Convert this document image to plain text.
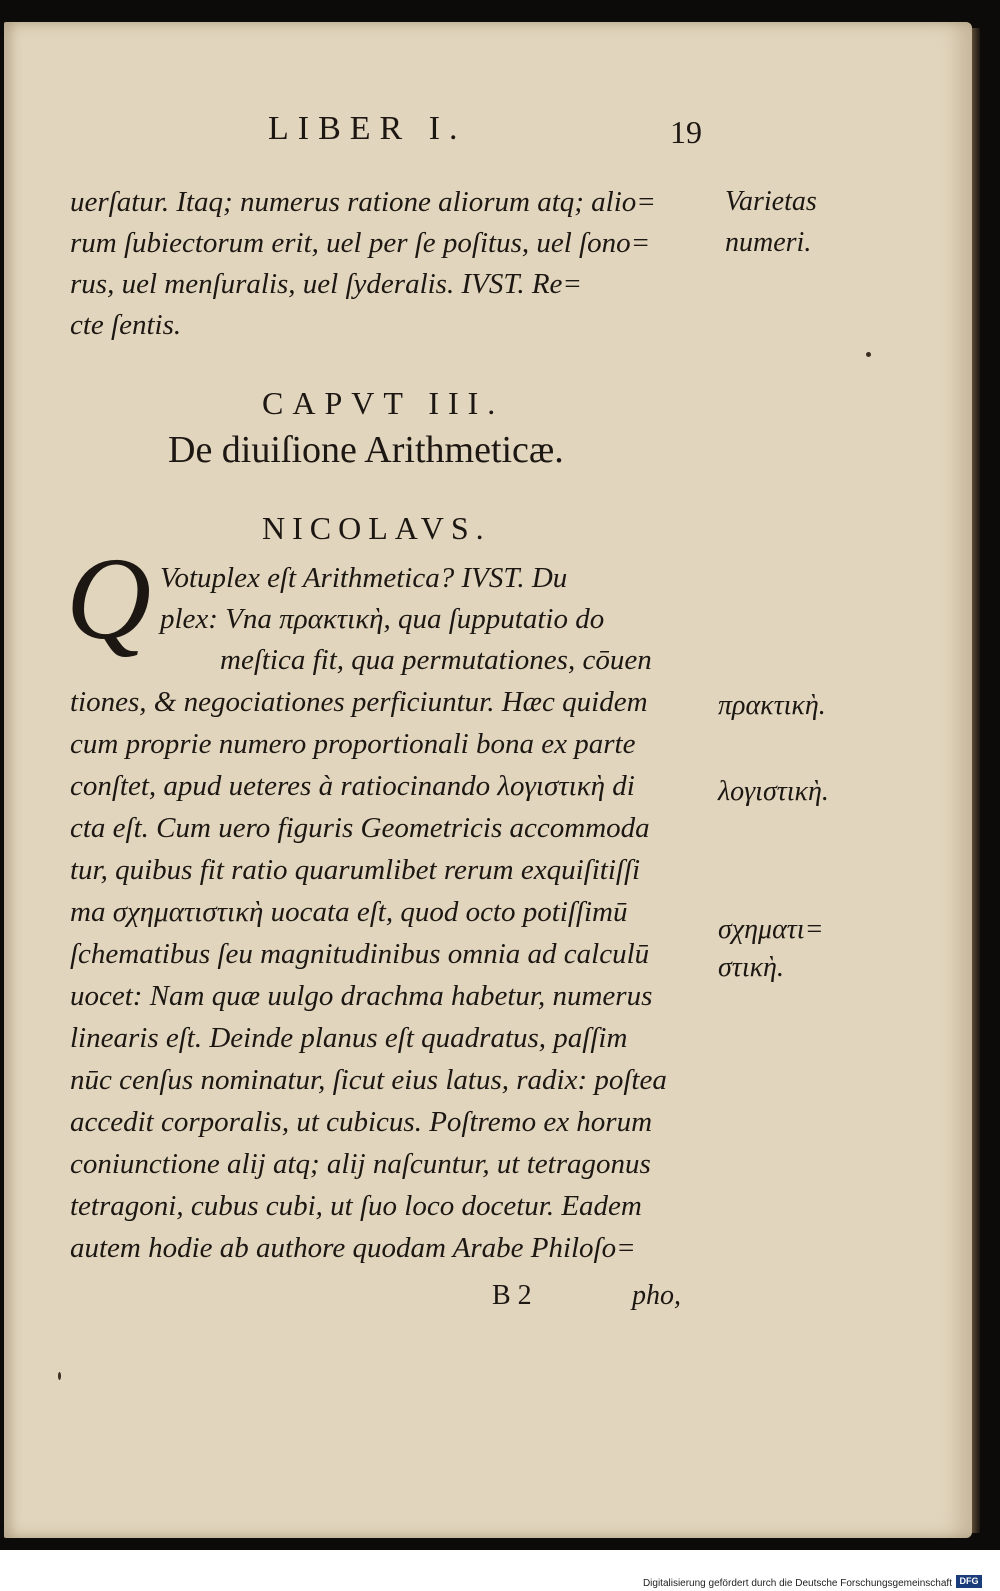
LIBER I.	19
uerſatur. Itaq; numerus ratione aliorum atq; alio=
rum ſubiectorum erit, uel per ſe poſitus, uel ſono=
rus, uel menſuralis, uel ſyderalis. IVST. Re=
cte ſentis.
Varietas
numeri.
CAPVT III.
De diuiſione Arithmeticæ.
NICOLAVS.
Q Votuplex eſt Arithmetica? IVST. Du
plex: Vna πρακτικὴ, qua ſupputatio do
meſtica fit, qua permutationes, cōuen
tiones, & negociationes perficiuntur. Hæc quidem
cum proprie numero proportionali bona ex parte
conſtet, apud ueteres à ratiocinando λογιστικὴ di
cta eſt. Cum uero figuris Geometricis accommoda
tur, quibus fit ratio quarumlibet rerum exquiſitiſſi
ma σχηματιστικὴ uocata eſt, quod octo potiſſimū
ſchematibus ſeu magnitudinibus omnia ad calculū
uocet: Nam quæ uulgo drachma habetur, numerus
linearis eſt. Deinde planus eſt quadratus, paſſim
nūc cenſus nominatur, ſicut eius latus, radix: poſtea
accedit corporalis, ut cubicus. Poſtremo ex horum
coniunctione alij atq; alij naſcuntur, ut tetragonus
tetragoni, cubus cubi, ut ſuo loco docetur. Eadem
autem hodie ab authore quodam Arabe Philoſo=
πρακτικὴ.
λογιστικὴ.
σχηματι=
στικὴ.
B 2	pho,
Digitalisierung gefördert durch die Deutsche Forschungsgemeinschaft DFG
